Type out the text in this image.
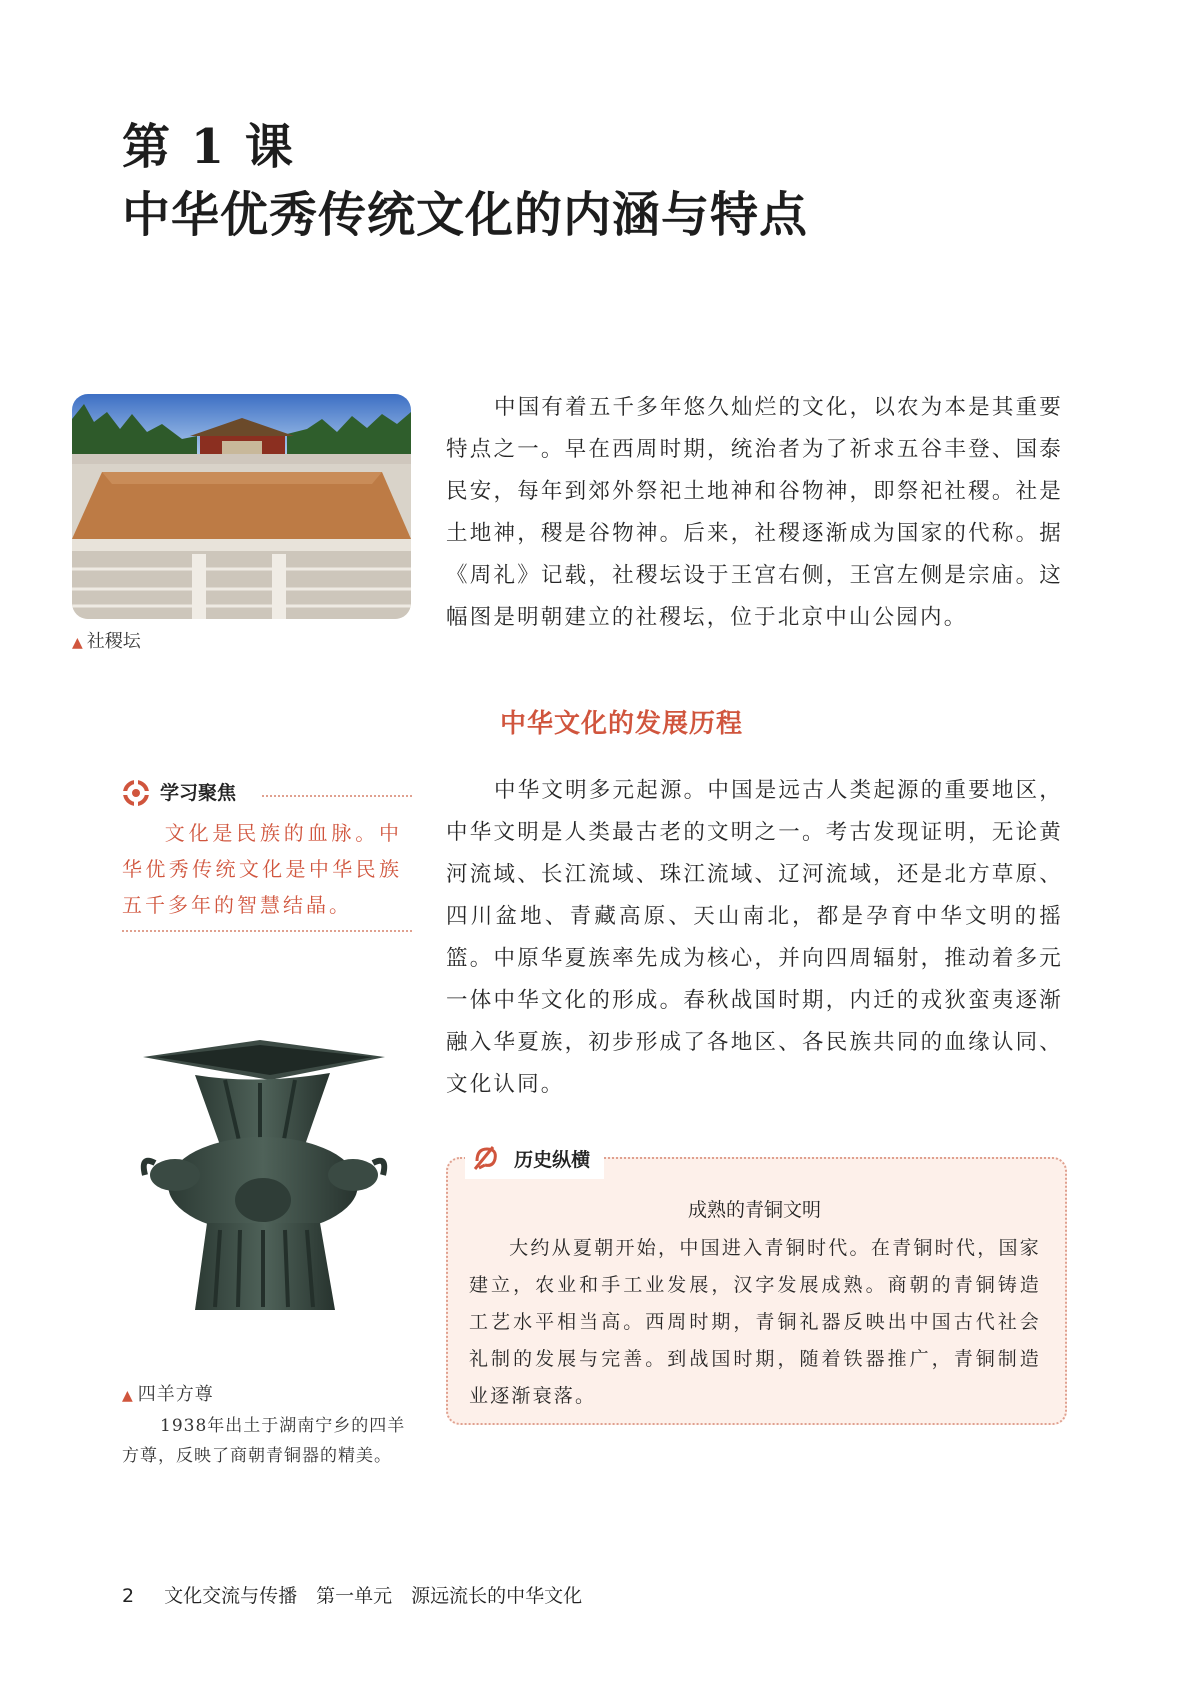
第 1 课
中华优秀传统文化的内涵与特点
▲ 社稷坛

中国有着五千多年悠久灿烂的文化，以农为本是其重要特点之一。早在西周时期，统治者为了祈求五谷丰登、国泰民安，每年到郊外祭祀土地神和谷物神，即祭祀社稷。社是土地神，稷是谷物神。后来，社稷逐渐成为国家的代称。据《周礼》记载，社稷坛设于王宫右侧，王宫左侧是宗庙。这幅图是明朝建立的社稷坛，位于北京中山公园内。

中华文化的发展历程
学习聚焦

文化是民族的血脉。中华优秀传统文化是中华民族五千多年的智慧结晶。

中华文明多元起源。中国是远古人类起源的重要地区，中华文明是人类最古老的文明之一。考古发现证明，无论黄河流域、长江流域、珠江流域、辽河流域，还是北方草原、四川盆地、青藏高原、天山南北，都是孕育中华文明的摇篮。中原华夏族率先成为核心，并向四周辐射，推动着多元一体中华文化的形成。春秋战国时期，内迁的戎狄蛮夷逐渐融入华夏族，初步形成了各地区、各民族共同的血缘认同、文化认同。

▲ 四羊方尊
1938年出土于湖南宁乡的四羊方尊，反映了商朝青铜器的精美。

历史纵横

成熟的青铜文明

大约从夏朝开始，中国进入青铜时代。在青铜时代，国家建立，农业和手工业发展，汉字发展成熟。商朝的青铜铸造工艺水平相当高。西周时期，青铜礼器反映出中国古代社会礼制的发展与完善。到战国时期，随着铁器推广，青铜制造业逐渐衰落。

2 文化交流与传播　第一单元　源远流长的中华文化
